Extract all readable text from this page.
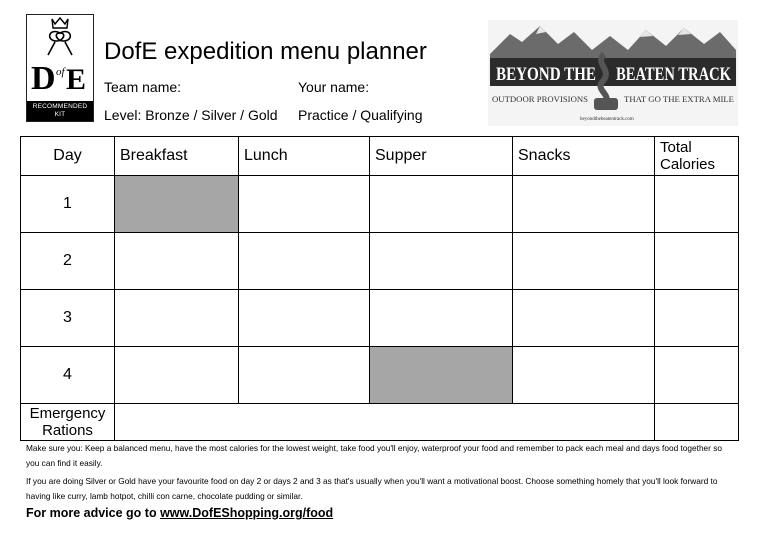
D of E
RECOMMENDED KIT
DofE expedition menu planner
Team name:	Your name:
Level: Bronze / Silver / Gold Practice / Qualifying
BEYOND THE BEATEN TRACK
OUTDOOR PROVISIONS	THAT GO THE EXTRA MILE
beyondthebeatentrack.com
Day	Breakfast	Lunch	Supper	Snacks	Total Calories
1					
2					
3					
4					
Emergency Rations					
Make sure you: Keep a balanced menu, have the most calories for the lowest weight, take food you'll enjoy, waterproof your food and remember to pack each meal and days food together so you can find it easily.
If you are doing Silver or Gold have your favourite food on day 2 or days 2 and 3 as that's usually when you'll want a motivational boost. Choose something homely that you'll look forward to having like curry, lamb hotpot, chilli con carne, chocolate pudding or similar.
For more advice go to www.DofEShopping.org/food
